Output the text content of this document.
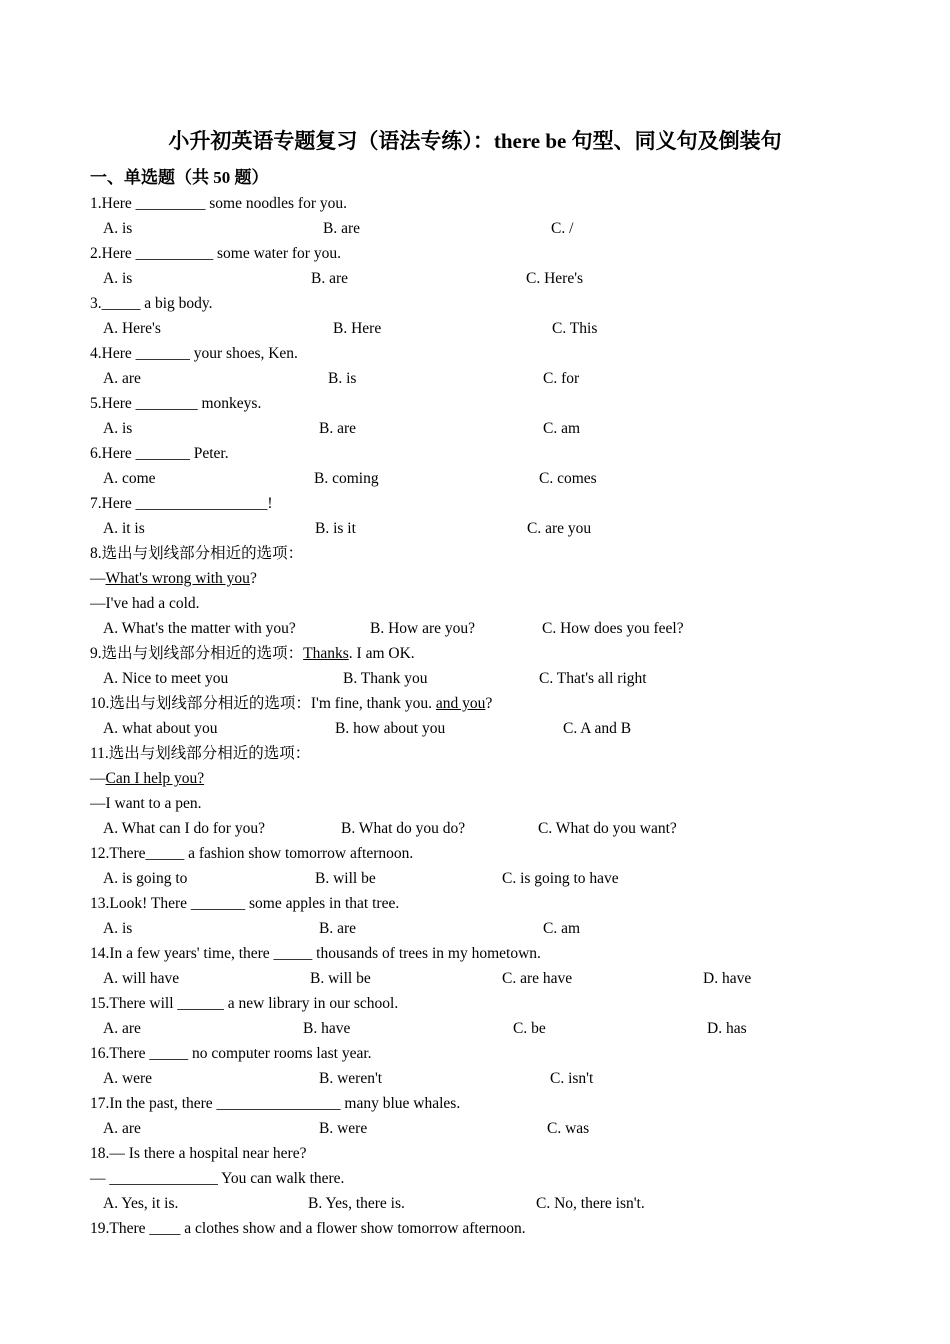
小升初英语专题复习（语法专练）：there be 句型、同义句及倒装句
一、单选题（共 50 题）
1.Here _________ some noodles for you.
A. is	B. are	C. /
2.Here __________ some water for you.
A. is	B. are	C. Here's
3._____ a big body.
A. Here's	B. Here	C. This
4.Here _______ your shoes, Ken.
A. are	B. is	C. for
5.Here ________ monkeys.
A. is	B. are	C. am
6.Here _______ Peter.
A. come	B. coming	C. comes
7.Here _________________!
A. it is	B. is it	C. are you
8.选出与划线部分相近的选项：
—What's wrong with you?
—I've had a cold.
A. What's the matter with you?	B. How are you?	C. How does you feel?
9.选出与划线部分相近的选项：Thanks. I am OK.
A. Nice to meet you	B. Thank you	C. That's all right
10.选出与划线部分相近的选项：I'm fine, thank you. and you?
A. what about you	B. how about you	C. A and B
11.选出与划线部分相近的选项：
—Can I help you?
—I want to a pen.
A. What can I do for you?	B. What do you do?	C. What do you want?
12.There_____ a fashion show tomorrow afternoon.
A. is going to	B. will be	C. is going to have
13.Look! There _______ some apples in that tree.
A. is	B. are	C. am
14.In a few years' time, there _____ thousands of trees in my hometown.
A. will have	B. will be	C. are have	D. have
15.There will ______ a new library in our school.
A. are	B. have	C. be	D. has
16.There _____ no computer rooms last year.
A. were	B. weren't	C. isn't
17.In the past, there ________________ many blue whales.
A. are	B. were	C. was
18.— Is there a hospital near here?
— ______________ You can walk there.
A. Yes, it is.	B. Yes, there is.	C. No, there isn't.
19.There ____ a clothes show and a flower show tomorrow afternoon.
